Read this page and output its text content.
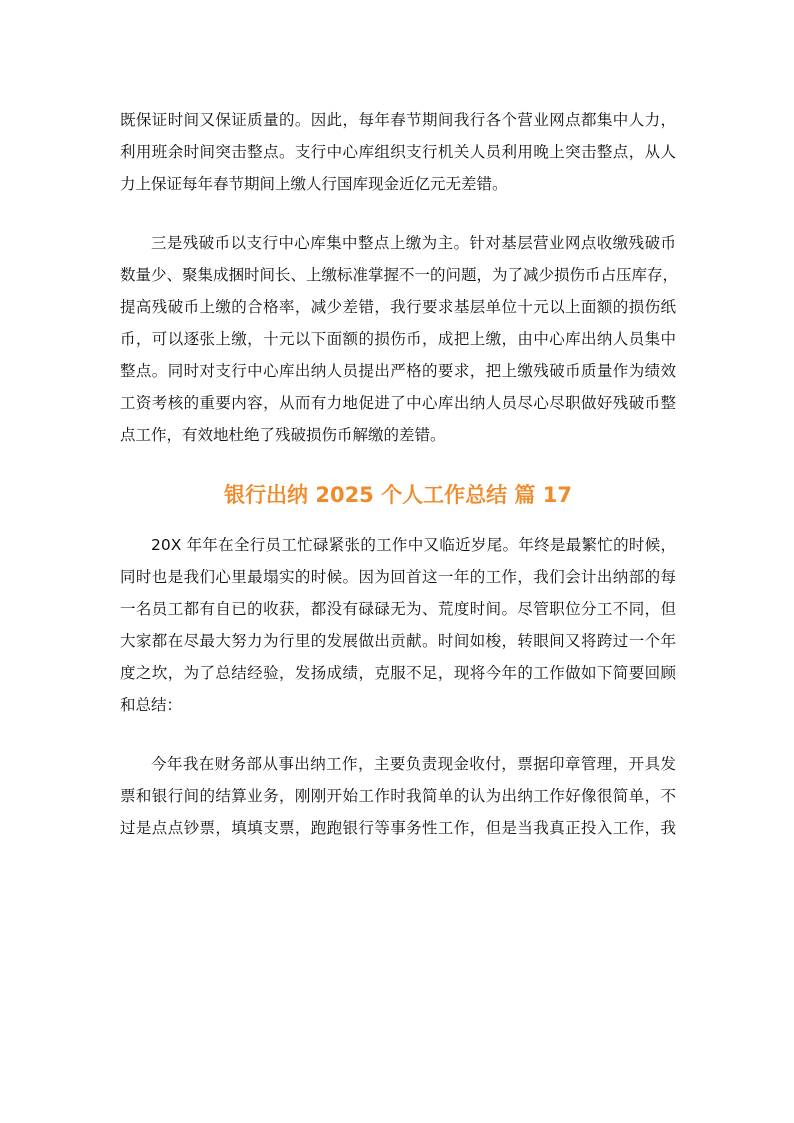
既保证时间又保证质量的。因此，每年春节期间我行各个营业网点都集中人力，
利用班余时间突击整点。支行中心库组织支行机关人员利用晚上突击整点，从人
力上保证每年春节期间上缴人行国库现金近亿元无差错。
三是残破币以支行中心库集中整点上缴为主。针对基层营业网点收缴残破币
数量少、聚集成捆时间长、上缴标准掌握不一的问题，为了减少损伤币占压库存，
提高残破币上缴的合格率，减少差错，我行要求基层单位十元以上面额的损伤纸
币，可以逐张上缴，十元以下面额的损伤币，成把上缴，由中心库出纳人员集中
整点。同时对支行中心库出纳人员提出严格的要求，把上缴残破币质量作为绩效
工资考核的重要内容，从而有力地促进了中心库出纳人员尽心尽职做好残破币整
点工作，有效地杜绝了残破损伤币解缴的差错。
银行出纳 2025 个人工作总结 篇 17
20X 年年在全行员工忙碌紧张的工作中又临近岁尾。年终是最繁忙的时候，
同时也是我们心里最塌实的时候。因为回首这一年的工作，我们会计出纳部的每
一名员工都有自已的收获，都没有碌碌无为、荒度时间。尽管职位分工不同，但
大家都在尽最大努力为行里的发展做出贡献。时间如梭，转眼间又将跨过一个年
度之坎，为了总结经验，发扬成绩，克服不足，现将今年的工作做如下简要回顾
和总结：
今年我在财务部从事出纳工作，主要负责现金收付，票据印章管理，开具发
票和银行间的结算业务，刚刚开始工作时我简单的认为出纳工作好像很简单，不
过是点点钞票，填填支票，跑跑银行等事务性工作，但是当我真正投入工作，我
